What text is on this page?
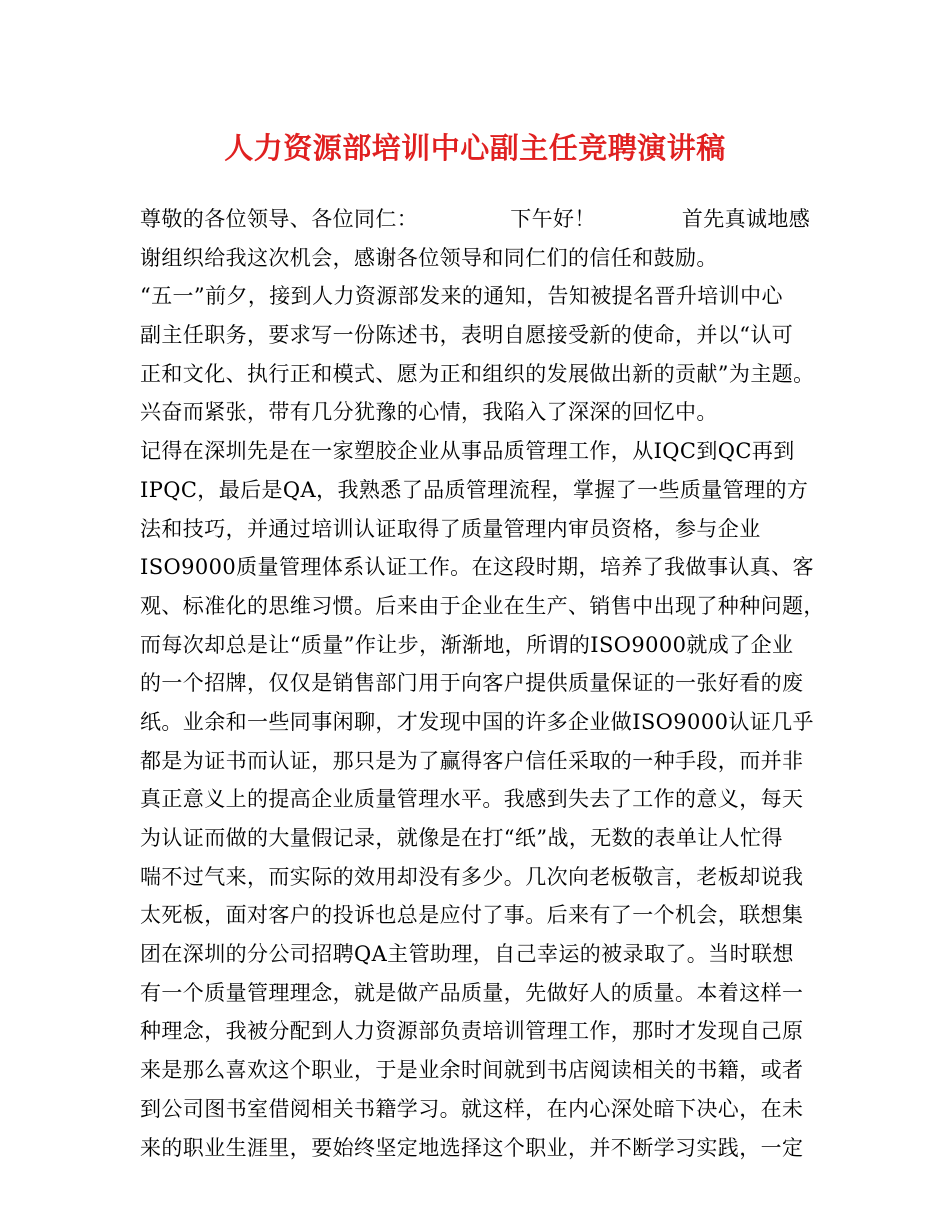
人力资源部培训中心副主任竞聘演讲稿
尊敬的各位领导、各位同仁：	下午好！	首先真诚地感
谢组织给我这次机会，感谢各位领导和同仁们的信任和鼓励。
“五一”前夕，接到人力资源部发来的通知，告知被提名晋升培训中心
副主任职务，要求写一份陈述书，表明自愿接受新的使命，并以“认可
正和文化、执行正和模式、愿为正和组织的发展做出新的贡献”为主题。
兴奋而紧张，带有几分犹豫的心情，我陷入了深深的回忆中。
记得在深圳先是在一家塑胶企业从事品质管理工作，从IQC到QC再到
IPQC，最后是QA，我熟悉了品质管理流程，掌握了一些质量管理的方
法和技巧，并通过培训认证取得了质量管理内审员资格，参与企业
ISO9000质量管理体系认证工作。在这段时期，培养了我做事认真、客
观、标准化的思维习惯。后来由于企业在生产、销售中出现了种种问题，
而每次却总是让“质量”作让步，渐渐地，所谓的ISO9000就成了企业
的一个招牌，仅仅是销售部门用于向客户提供质量保证的一张好看的废
纸。业余和一些同事闲聊，才发现中国的许多企业做ISO9000认证几乎
都是为证书而认证，那只是为了赢得客户信任采取的一种手段，而并非
真正意义上的提高企业质量管理水平。我感到失去了工作的意义，每天
为认证而做的大量假记录，就像是在打“纸”战，无数的表单让人忙得
喘不过气来，而实际的效用却没有多少。几次向老板敬言，老板却说我
太死板，面对客户的投诉也总是应付了事。后来有了一个机会，联想集
团在深圳的分公司招聘QA主管助理，自己幸运的被录取了。当时联想
有一个质量管理理念，就是做产品质量，先做好人的质量。本着这样一
种理念，我被分配到人力资源部负责培训管理工作，那时才发现自己原
来是那么喜欢这个职业，于是业余时间就到书店阅读相关的书籍，或者
到公司图书室借阅相关书籍学习。就这样，在内心深处暗下决心，在未
来的职业生涯里，要始终坚定地选择这个职业，并不断学习实践，一定
